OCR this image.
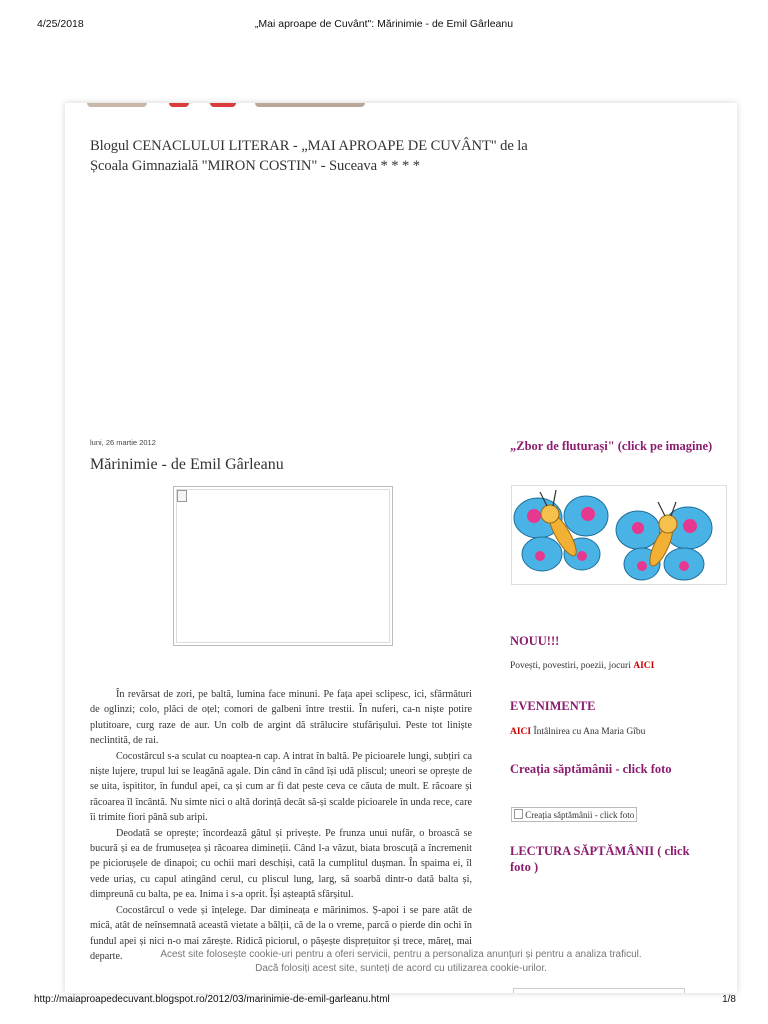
4/25/2018	„Mai aproape de Cuvânt": Mărinimie - de Emil Gârleanu
Blogul CENACLULUI LITERAR - „MAI APROAPE DE CUVÂNT" de la Școala Gimnazială "MIRON COSTIN" - Suceava * * * *
luni, 26 martie 2012
Mărinimie - de Emil Gârleanu

În revărsat de zori, pe baltă, lumina face minuni. Pe fața apei sclipesc, ici, sfărmături de oglinzi; colo, plăci de oțel; comori de galbeni între trestii. În nuferi, ca-n niște potire plutitoare, curg raze de aur. Un colb de argint dă strălucire stufărișului. Peste tot liniște neclintită, de rai.

Cocostârcul s-a sculat cu noaptea-n cap. A intrat în baltă. Pe picioarele lungi, subțiri ca niște lujere, trupul lui se leagănă agale. Din când în când își udă pliscul; uneori se oprește de se uita, ispititor, în fundul apei, ca și cum ar fi dat peste ceva ce căuta de mult. E răcoare și răcoarea îl încântă. Nu simte nici o altă dorință decât să-și scalde picioarele în unda rece, care îi trimite fiori până sub aripi.

Deodată se oprește; încordează gâtul și privește. Pe frunza unui nufăr, o broască se bucură și ea de frumusețea și răcoarea dimineții. Când l-a văzut, biata broscuță a încremenit pe piciorușele de dinapoi; cu ochii mari deschiși, cată la cumplitul dușman. În spaima ei, îl vede uriaș, cu capul atingând cerul, cu pliscul lung, larg, să soarbă dintr-o dată balta și, dimpreună cu balta, pe ea. Inima i s-a oprit. Își așteaptă sfârșitul.

Cocostârcul o vede și înțelege. Dar dimineața e mărinimos. Ș-apoi i se pare atât de mică, atât de neînsemnată această vietate a bălții, că de la o vreme, parcă o pierde din ochi în fundul apei și nici n-o mai zărește. Ridică piciorul, o pășește disprețuitor și trece, măreț, mai departe.	Acest site folosește cookie-uri pentru a oferi servicii, pentru a personaliza anunțuri și pentru a analiza traficul.
Dacă folosiți acest site, sunteți de acord cu utilizarea cookie-urilor.
„Zbor de fluturași" (click pe imagine)
NOUU!!!
Povești, povestiri, poezii, jocuri AICI
EVENIMENTE
AICI Întâlnirea cu Ana Maria Gîbu
Creația săptămânii - click foto
Creația săptămânii - click foto
LECTURA SĂPTĂMÂNII ( click foto )
http://maiaproapedecuvant.blogspot.ro/2012/03/marinimie-de-emil-garleanu.html	1/8
